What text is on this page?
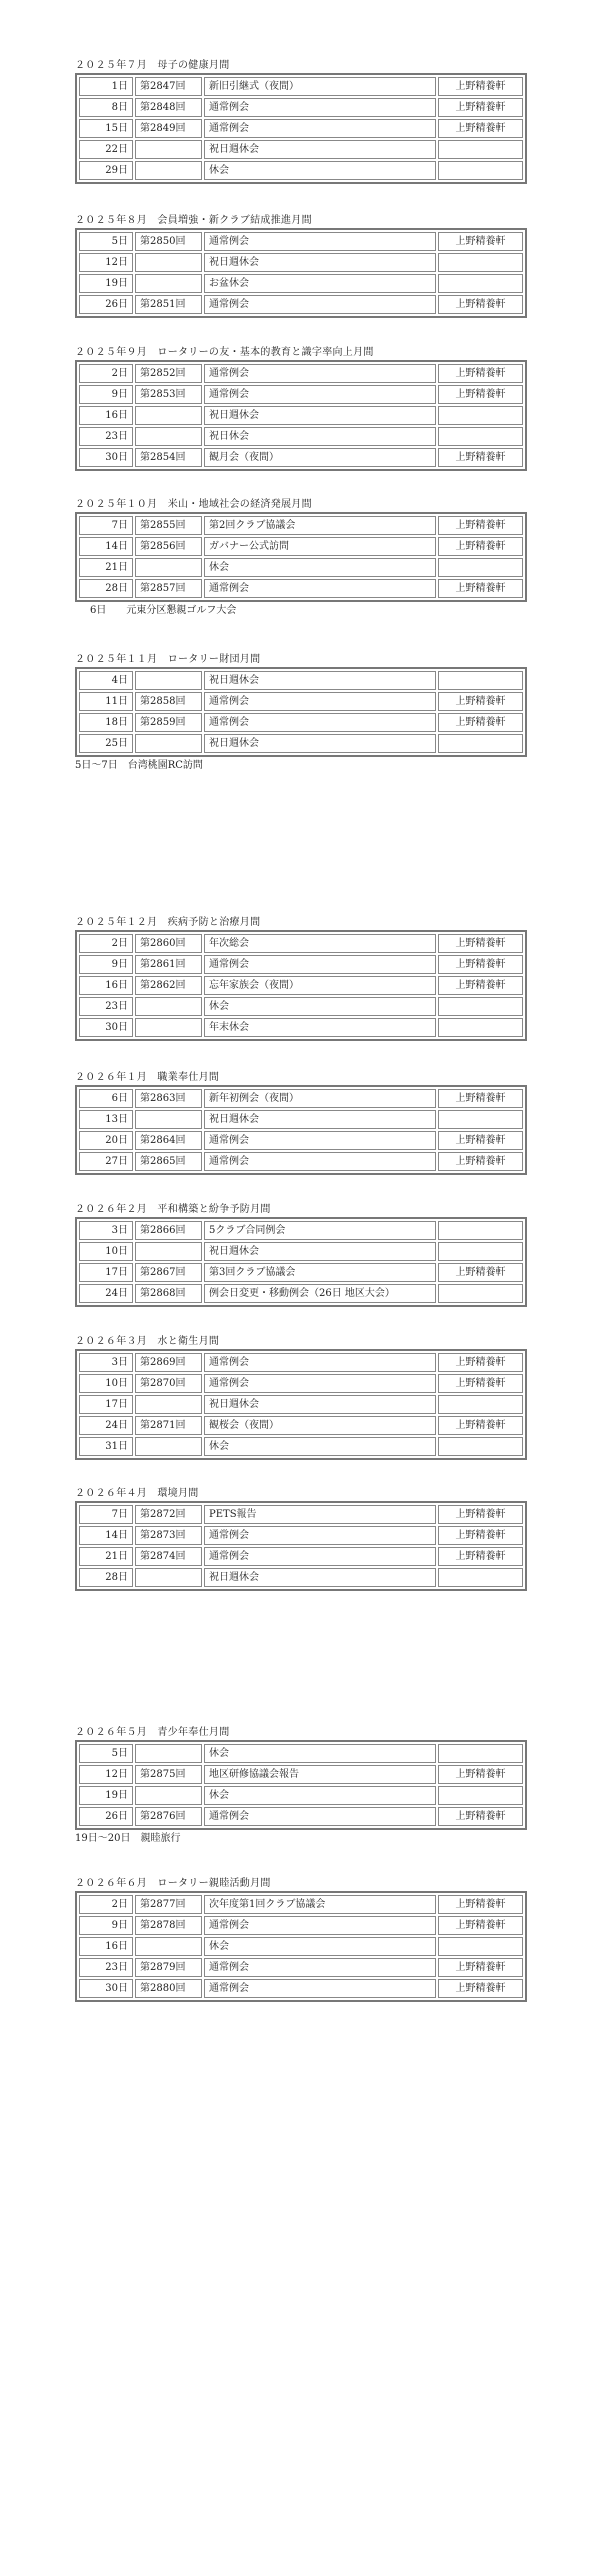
２０２５年７月　母子の健康月間
1日	第2847回	新旧引継式（夜間）	上野精養軒
8日	第2848回	通常例会	上野精養軒
15日	第2849回	通常例会	上野精養軒
22日		祝日週休会	
29日		休会	
２０２５年８月　会員増強・新クラブ結成推進月間
5日	第2850回	通常例会	上野精養軒
12日		祝日週休会	
19日		お盆休会	
26日	第2851回	通常例会	上野精養軒
２０２５年９月　ロータリーの友・基本的教育と識字率向上月間
2日	第2852回	通常例会	上野精養軒
9日	第2853回	通常例会	上野精養軒
16日		祝日週休会	
23日		祝日休会	
30日	第2854回	観月会（夜間）	上野精養軒
２０２５年１０月　米山・地域社会の経済発展月間
7日	第2855回	第2回クラブ協議会	上野精養軒
14日	第2856回	ガバナー公式訪問	上野精養軒
21日		休会	
28日	第2857回	通常例会	上野精養軒
6日　　元東分区懇親ゴルフ大会
２０２５年１１月　ロータリー財団月間
4日		祝日週休会	
11日	第2858回	通常例会	上野精養軒
18日	第2859回	通常例会	上野精養軒
25日		祝日週休会	
5日〜7日　台湾桃園RC訪問
２０２５年１２月　疾病予防と治療月間
2日	第2860回	年次総会	上野精養軒
9日	第2861回	通常例会	上野精養軒
16日	第2862回	忘年家族会（夜間）	上野精養軒
23日		休会	
30日		年末休会	
２０２６年１月　職業奉仕月間
6日	第2863回	新年初例会（夜間）	上野精養軒
13日		祝日週休会	
20日	第2864回	通常例会	上野精養軒
27日	第2865回	通常例会	上野精養軒
２０２６年２月　平和構築と紛争予防月間
3日	第2866回	5クラブ合同例会	
10日		祝日週休会	
17日	第2867回	第3回クラブ協議会	上野精養軒
24日	第2868回	例会日変更・移動例会（26日 地区大会）	
２０２６年３月　水と衛生月間
3日	第2869回	通常例会	上野精養軒
10日	第2870回	通常例会	上野精養軒
17日		祝日週休会	
24日	第2871回	観桜会（夜間）	上野精養軒
31日		休会	
２０２６年４月　環境月間
7日	第2872回	PETS報告	上野精養軒
14日	第2873回	通常例会	上野精養軒
21日	第2874回	通常例会	上野精養軒
28日		祝日週休会	
２０２６年５月　青少年奉仕月間
5日		休会	
12日	第2875回	地区研修協議会報告	上野精養軒
19日		休会	
26日	第2876回	通常例会	上野精養軒
19日〜20日　親睦旅行
２０２６年６月　ロータリー親睦活動月間
2日	第2877回	次年度第1回クラブ協議会	上野精養軒
9日	第2878回	通常例会	上野精養軒
16日		休会	
23日	第2879回	通常例会	上野精養軒
30日	第2880回	通常例会	上野精養軒
